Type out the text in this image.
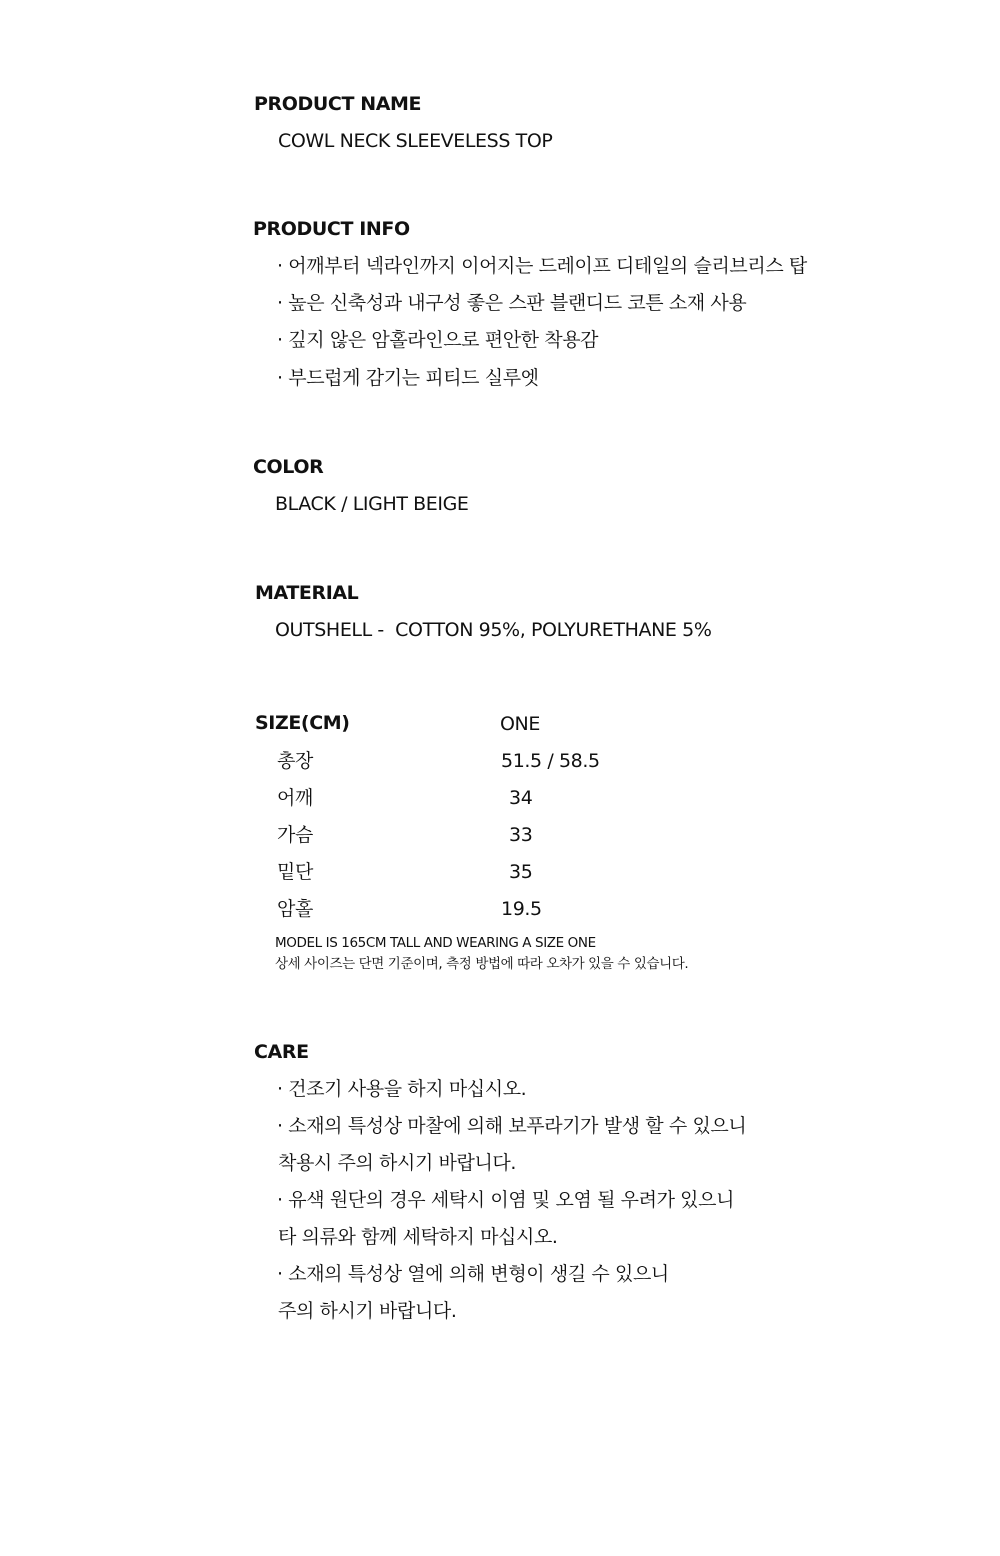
PRODUCT NAME
COWL NECK SLEEVELESS TOP
PRODUCT INFO
· 어깨부터 넥라인까지 이어지는 드레이프 디테일의 슬리브리스 탑
· 높은 신축성과 내구성 좋은 스판 블랜디드 코튼 소재 사용
· 깊지 않은 암홀라인으로 편안한 착용감
· 부드럽게 감기는 피티드 실루엣
COLOR
BLACK / LIGHT BEIGE
MATERIAL
OUTSHELL -  COTTON 95%, POLYURETHANE 5%
SIZE(CM)	ONE
총장	51.5 / 58.5
어깨	34
가슴	33
밑단	35
암홀	19.5
MODEL IS 165CM TALL AND WEARING A SIZE ONE
상세 사이즈는 단면 기준이며, 측정 방법에 따라 오차가 있을 수 있습니다.
CARE
· 건조기 사용을 하지 마십시오.
· 소재의 특성상 마찰에 의해 보푸라기가 발생 할 수 있으니
착용시 주의 하시기 바랍니다.
· 유색 원단의 경우 세탁시 이염 및 오염 될 우려가 있으니
타 의류와 함께 세탁하지 마십시오.
· 소재의 특성상 열에 의해 변형이 생길 수 있으니
주의 하시기 바랍니다.
